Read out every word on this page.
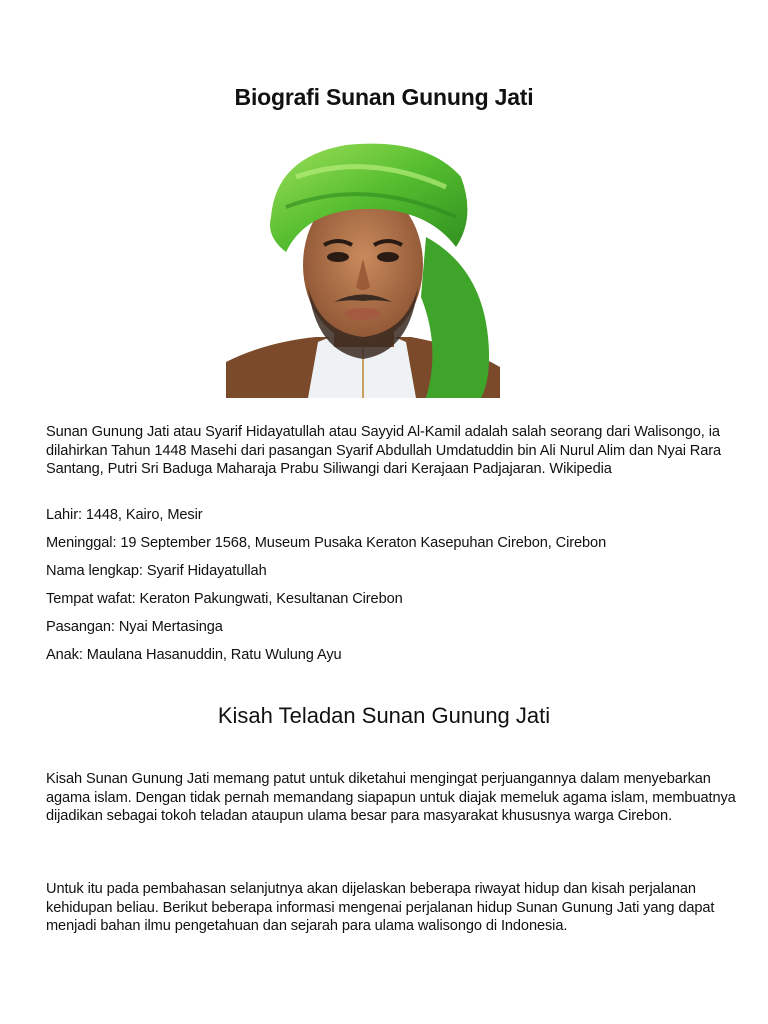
Biografi Sunan Gunung Jati

Sunan Gunung Jati atau Syarif Hidayatullah atau Sayyid Al-Kamil adalah salah seorang dari Walisongo, ia dilahirkan Tahun 1448 Masehi dari pasangan Syarif Abdullah Umdatuddin bin Ali Nurul Alim dan Nyai Rara Santang, Putri Sri Baduga Maharaja Prabu Siliwangi dari Kerajaan Padjajaran. Wikipedia

Lahir: 1448, Kairo, Mesir
Meninggal: 19 September 1568, Museum Pusaka Keraton Kasepuhan Cirebon, Cirebon
Nama lengkap: Syarif Hidayatullah
Tempat wafat: Keraton Pakungwati, Kesultanan Cirebon
Pasangan: Nyai Mertasinga
Anak: Maulana Hasanuddin, Ratu Wulung Ayu
Kisah Teladan Sunan Gunung Jati

Kisah Sunan Gunung Jati memang patut untuk diketahui mengingat perjuangannya dalam menyebarkan agama islam. Dengan tidak pernah memandang siapapun untuk diajak memeluk agama islam, membuatnya dijadikan sebagai tokoh teladan ataupun ulama besar para masyarakat khususnya warga Cirebon.

Untuk itu pada pembahasan selanjutnya akan dijelaskan beberapa riwayat hidup dan kisah perjalanan kehidupan beliau. Berikut beberapa informasi mengenai perjalanan hidup Sunan Gunung Jati yang dapat menjadi bahan ilmu pengetahuan dan sejarah para ulama walisongo di Indonesia.
